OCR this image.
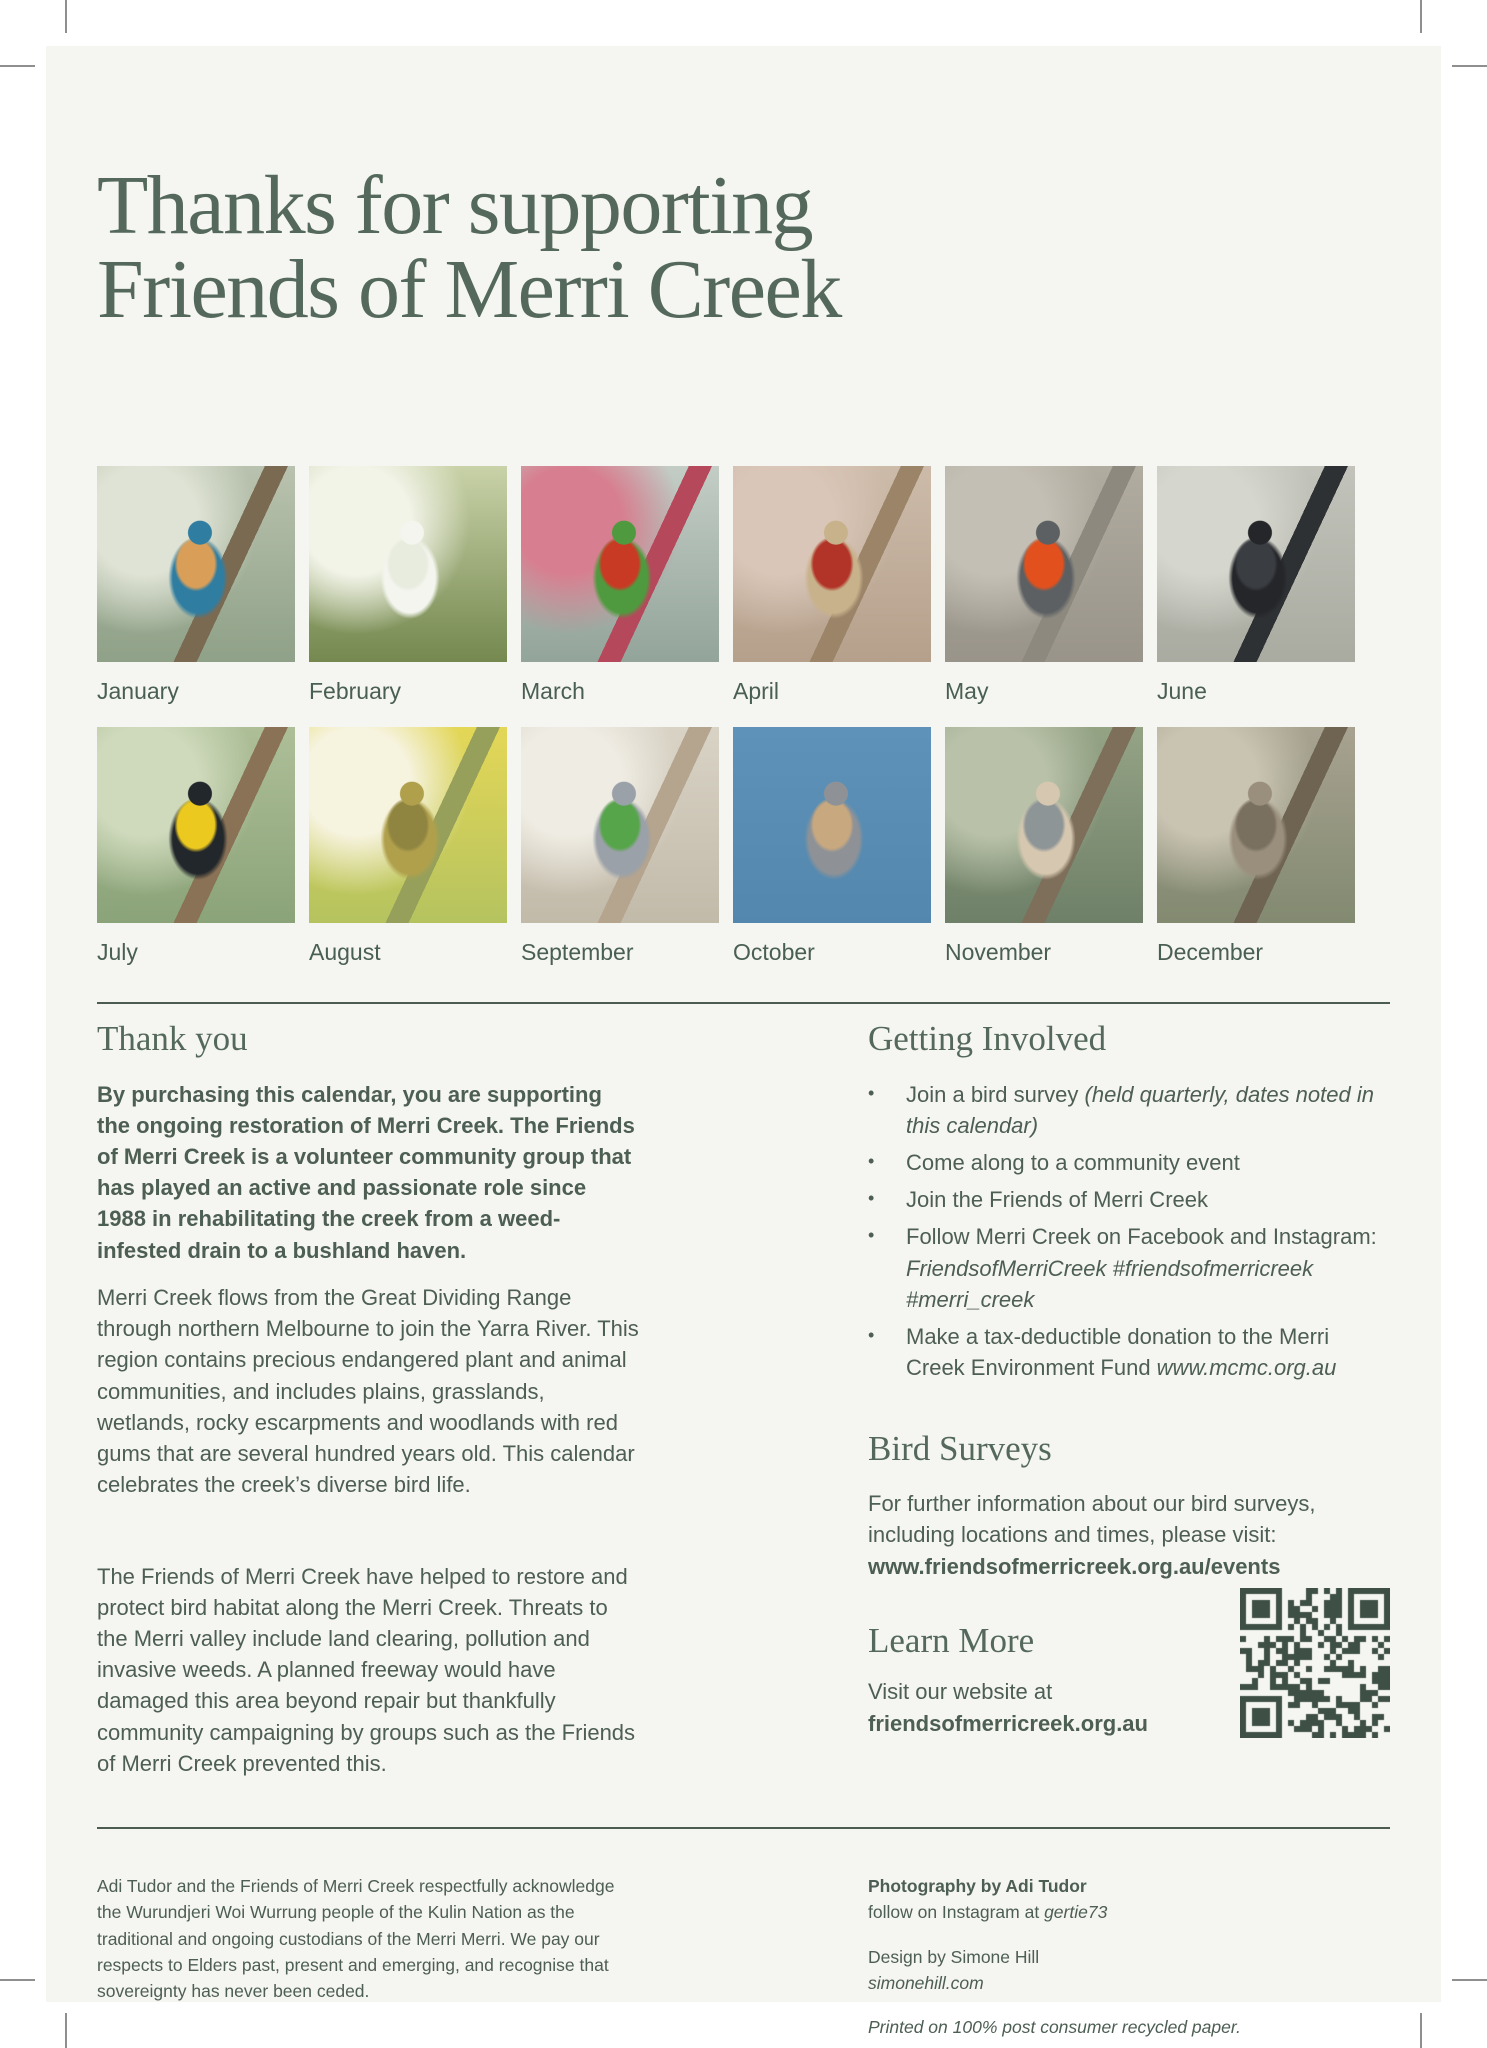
Thanks for supporting
Friends of Merri Creek
January	February	March	April	May	June
July	August	September	October	November	December
Thank you

By purchasing this calendar, you are supporting the ongoing restoration of Merri Creek. The Friends of Merri Creek is a volunteer community group that has played an active and passionate role since 1988 in rehabilitating the creek from a weed-infested drain to a bushland haven.

Merri Creek flows from the Great Dividing Range through northern Melbourne to join the Yarra River. This region contains precious endangered plant and animal communities, and includes plains, grasslands, wetlands, rocky escarpments and woodlands with red gums that are several hundred years old. This calendar celebrates the creek’s diverse bird life.

The Friends of Merri Creek have helped to restore and protect bird habitat along the Merri Creek. Threats to the Merri valley include land clearing, pollution and invasive weeds. A planned freeway would have damaged this area beyond repair but thankfully community campaigning by groups such as the Friends of Merri Creek prevented this.

Getting Involved
•	Join a bird survey (held quarterly, dates noted in this calendar)
•	Come along to a community event
•	Join the Friends of Merri Creek
•	Follow Merri Creek on Facebook and Instagram: FriendsofMerriCreek #friendsofmerricreek #merri_creek
•	Make a tax-deductible donation to the Merri Creek Environment Fund www.mcmc.org.au
Bird Surveys

For further information about our bird surveys, including locations and times, please visit:
www.friendsofmerricreek.org.au/events

Learn More

Visit our website at
friendsofmerricreek.org.au

Adi Tudor and the Friends of Merri Creek respectfully acknowledge the Wurundjeri Woi Wurrung people of the Kulin Nation as the traditional and ongoing custodians of the Merri Merri. We pay our respects to Elders past, present and emerging, and recognise that sovereignty has never been ceded.

Photography by Adi Tudor
follow on Instagram at gertie73
Design by Simone Hill
simonehill.com
Printed on 100% post consumer recycled paper.
